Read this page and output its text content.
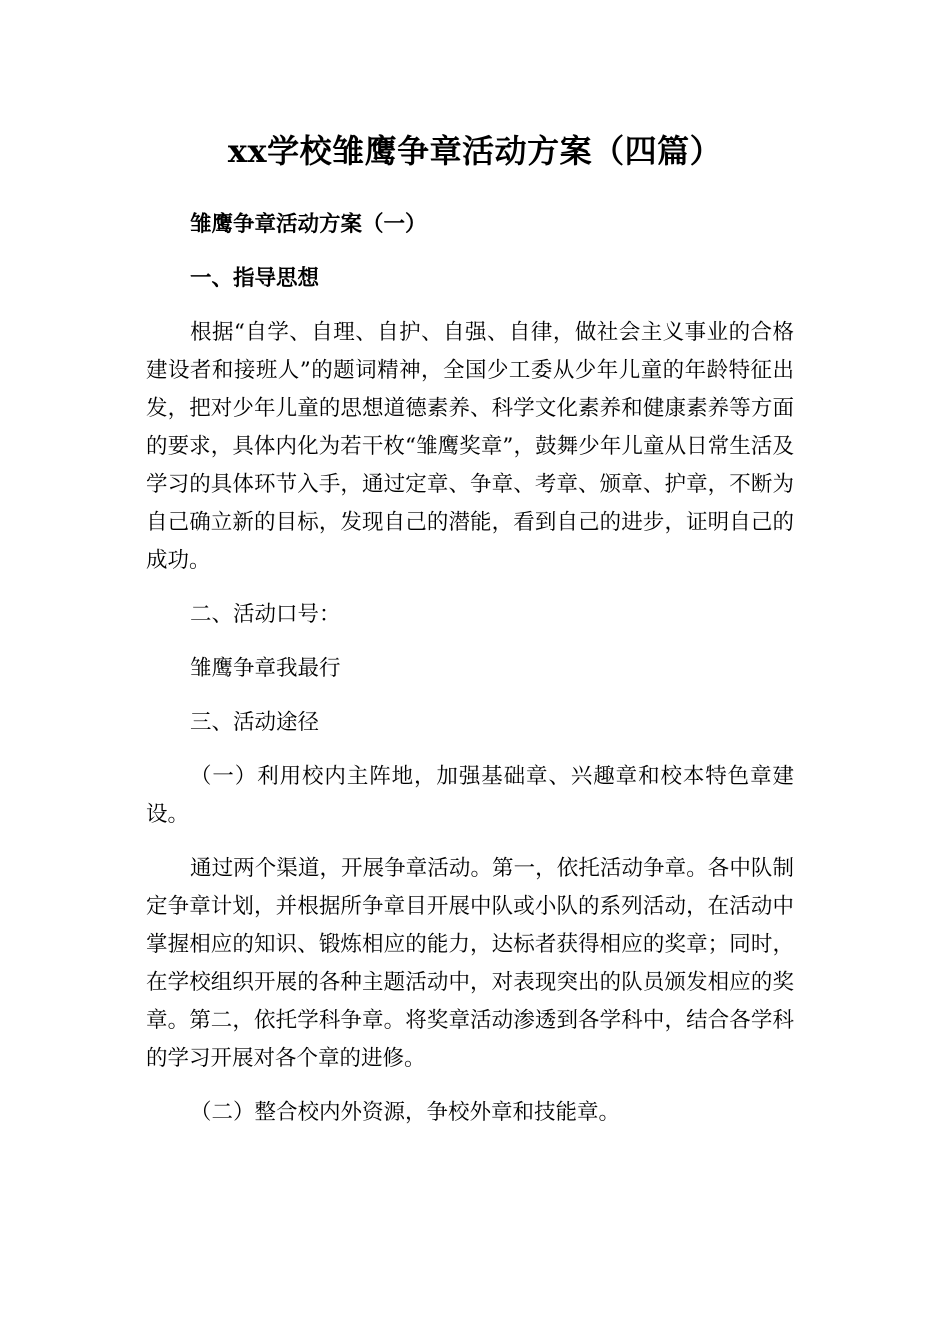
xx学校雏鹰争章活动方案（四篇）

雏鹰争章活动方案（一）

一、指导思想

根据“自学、自理、自护、自强、自律，做社会主义事业的合格建设者和接班人”的题词精神，全国少工委从少年儿童的年龄特征出发，把对少年儿童的思想道德素养、科学文化素养和健康素养等方面的要求，具体内化为若干枚“雏鹰奖章”，鼓舞少年儿童从日常生活及学习的具体环节入手，通过定章、争章、考章、颁章、护章，不断为自己确立新的目标，发现自己的潜能，看到自己的进步，证明自己的成功。

二、活动口号：

雏鹰争章我最行

三、活动途径

（一）利用校内主阵地，加强基础章、兴趣章和校本特色章建设。

通过两个渠道，开展争章活动。第一，依托活动争章。各中队制定争章计划，并根据所争章目开展中队或小队的系列活动，在活动中掌握相应的知识、锻炼相应的能力，达标者获得相应的奖章；同时，在学校组织开展的各种主题活动中，对表现突出的队员颁发相应的奖章。第二，依托学科争章。将奖章活动渗透到各学科中，结合各学科的学习开展对各个章的进修。

（二）整合校内外资源，争校外章和技能章。
